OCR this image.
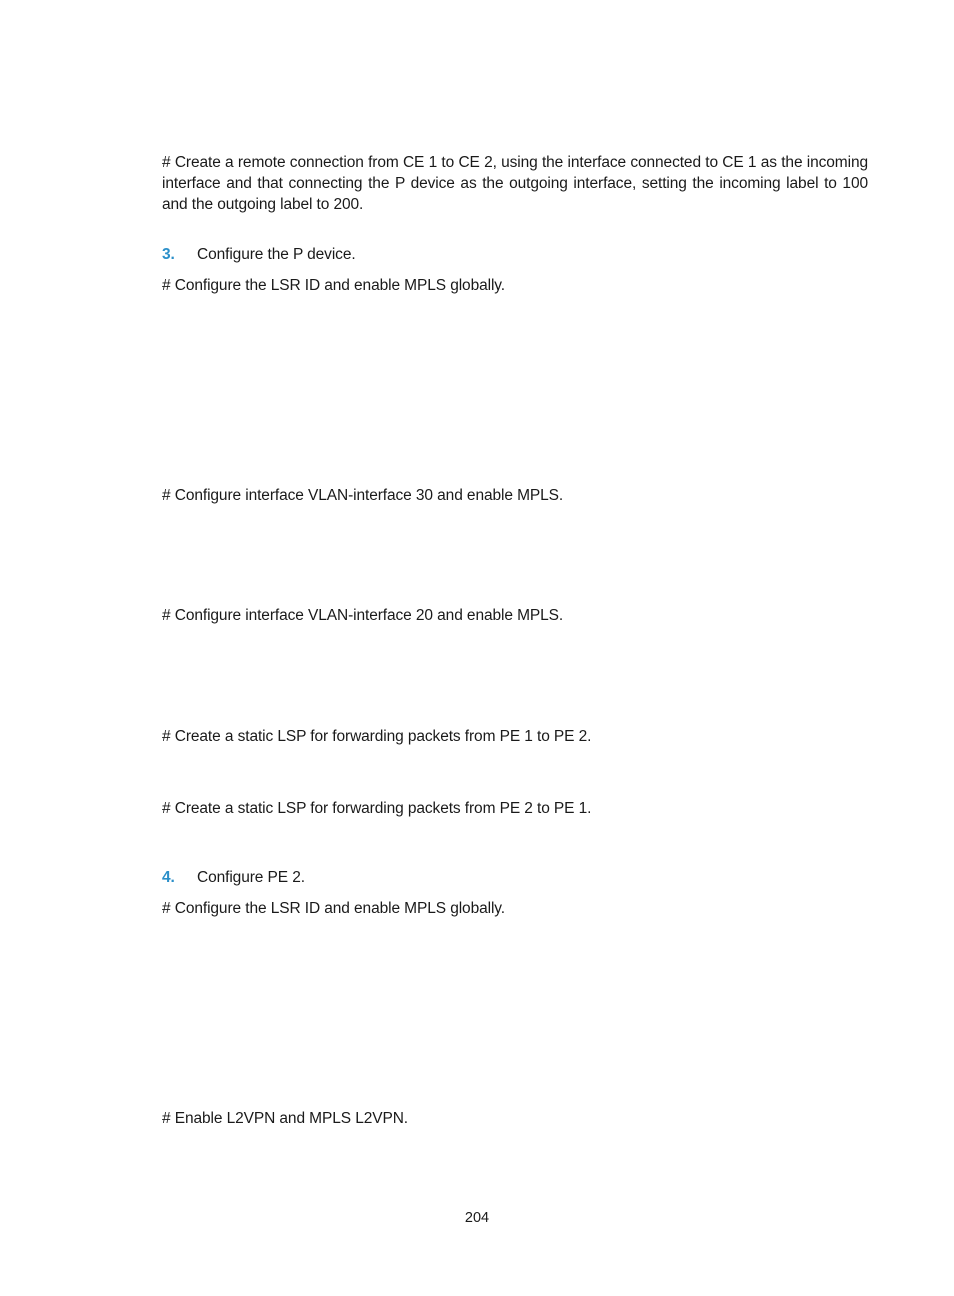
# Create a remote connection from CE 1 to CE 2, using the interface connected to CE 1 as the incoming interface and that connecting the P device as the outgoing interface, setting the incoming label to 100 and the outgoing label to 200.

3. Configure the P device.

# Configure the LSR ID and enable MPLS globally.

# Configure interface VLAN-interface 30 and enable MPLS.

# Configure interface VLAN-interface 20 and enable MPLS.

# Create a static LSP for forwarding packets from PE 1 to PE 2.

# Create a static LSP for forwarding packets from PE 2 to PE 1.

4. Configure PE 2.

# Configure the LSR ID and enable MPLS globally.

# Enable L2VPN and MPLS L2VPN.

204
